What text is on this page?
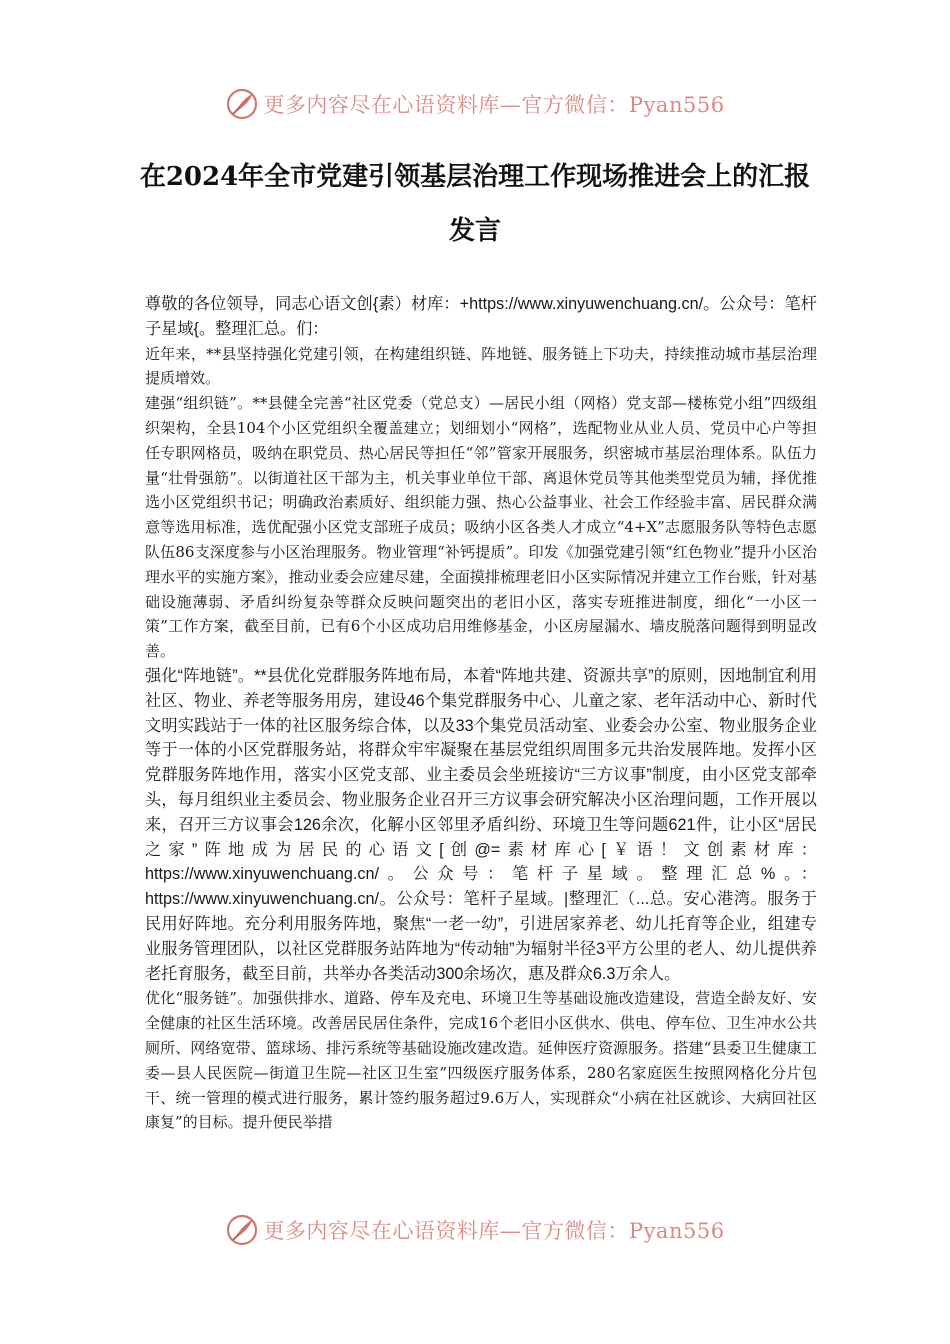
更多内容尽在心语资料库—官方微信：Pyan556
在2024年全市党建引领基层治理工作现场推进会上的汇报发言

尊敬的各位领导，同志心语文创{素）材库：+https://www.xinyuwenchuang.cn/。公众号：笔杆子星域{。整理汇总。们：

近年来，**县坚持强化党建引领，在构建组织链、阵地链、服务链上下功夫，持续推动城市基层治理提质增效。

建强“组织链”。**县健全完善“社区党委（党总支）—居民小组（网格）党支部—楼栋党小组”四级组织架构，全县104个小区党组织全覆盖建立；划细划小“网格”，选配物业从业人员、党员中心户等担任专职网格员，吸纳在职党员、热心居民等担任“邻”管家开展服务，织密城市基层治理体系。队伍力量“壮骨强筋”。以街道社区干部为主，机关事业单位干部、离退休党员等其他类型党员为辅，择优推选小区党组织书记；明确政治素质好、组织能力强、热心公益事业、社会工作经验丰富、居民群众满意等选用标准，选优配强小区党支部班子成员；吸纳小区各类人才成立“4+X”志愿服务队等特色志愿队伍86支深度参与小区治理服务。物业管理“补钙提质”。印发《加强党建引领“红色物业”提升小区治理水平的实施方案》，推动业委会应建尽建，全面摸排梳理老旧小区实际情况并建立工作台账，针对基础设施薄弱、矛盾纠纷复杂等群众反映问题突出的老旧小区，落实专班推进制度，细化“一小区一策”工作方案，截至目前，已有6个小区成功启用维修基金，小区房屋漏水、墙皮脱落问题得到明显改善。

强化“阵地链”。**县优化党群服务阵地布局，本着“阵地共建、资源共享”的原则，因地制宜利用社区、物业、养老等服务用房，建设46个集党群服务中心、儿童之家、老年活动中心、新时代文明实践站于一体的社区服务综合体，以及33个集党员活动室、业委会办公室、物业服务企业等于一体的小区党群服务站，将群众牢牢凝聚在基层党组织周围多元共治发展阵地。发挥小区党群服务阵地作用，落实小区党支部、业主委员会坐班接访“三方议事”制度，由小区党支部牵头，每月组织业主委员会、物业服务企业召开三方议事会研究解决小区治理问题，工作开展以来，召开三方议事会126余次，化解小区邻里矛盾纠纷、环境卫生等问题621件，让小区“居民之家”阵地成为居民的心语文[创@=素材库心[￥语！文创素材库：https://www.xinyuwenchuang.cn/。公众号：笔杆子星域。整理汇总%。：https://www.xinyuwenchuang.cn/。公众号：笔杆子星域。|整理汇（...总。安心港湾。服务于民用好阵地。充分利用服务阵地，聚焦“一老一幼”，引进居家养老、幼儿托育等企业，组建专业服务管理团队，以社区党群服务站阵地为“传动轴”为辐射半径3平方公里的老人、幼儿提供养老托育服务，截至目前，共举办各类活动300余场次，惠及群众6.3万余人。

优化“服务链”。加强供排水、道路、停车及充电、环境卫生等基础设施改造建设，营造全龄友好、安全健康的社区生活环境。改善居民居住条件，完成16个老旧小区供水、供电、停车位、卫生冲水公共厕所、网络宽带、篮球场、排污系统等基础设施改建改造。延伸医疗资源服务。搭建“县委卫生健康工委—县人民医院—街道卫生院—社区卫生室”四级医疗服务体系，280名家庭医生按照网格化分片包干、统一管理的模式进行服务，累计签约服务超过9.6万人，实现群众“小病在社区就诊、大病回社区康复”的目标。提升便民举措

更多内容尽在心语资料库—官方微信：Pyan556
